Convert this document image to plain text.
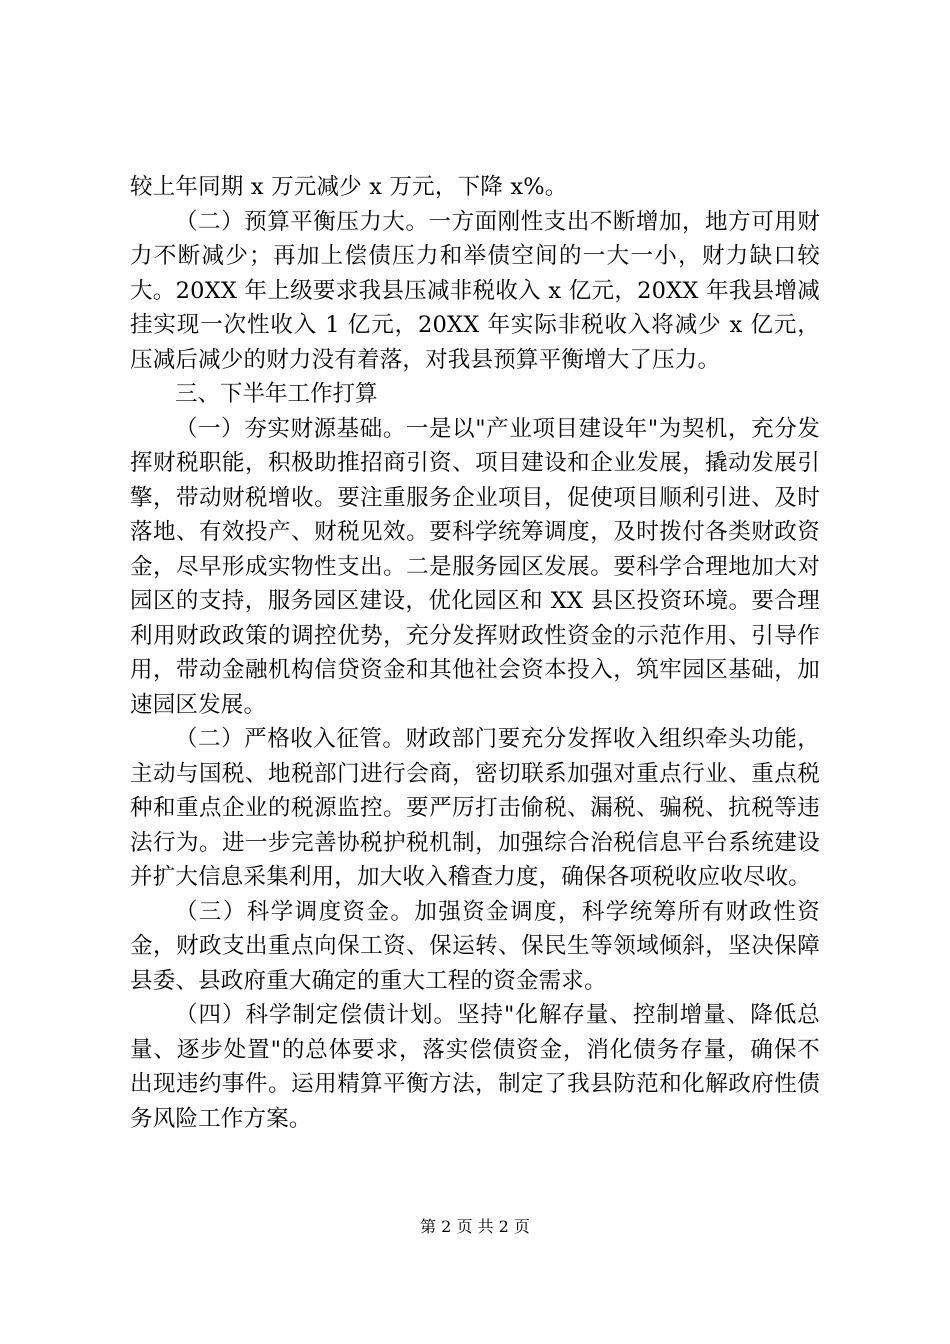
较上年同期 x 万元减少 x 万元，下降 x%。

（二）预算平衡压力大。一方面刚性支出不断增加，地方可用财力不断减少；再加上偿债压力和举债空间的一大一小，财力缺口较大。20XX 年上级要求我县压减非税收入 x 亿元，20XX 年我县增减挂实现一次性收入 1 亿元，20XX 年实际非税收入将减少 x 亿元，压减后减少的财力没有着落，对我县预算平衡增大了压力。

三、下半年工作打算

（一）夯实财源基础。一是以"产业项目建设年"为契机，充分发挥财税职能，积极助推招商引资、项目建设和企业发展，撬动发展引擎，带动财税增收。要注重服务企业项目，促使项目顺利引进、及时落地、有效投产、财税见效。要科学统筹调度，及时拨付各类财政资金，尽早形成实物性支出。二是服务园区发展。要科学合理地加大对园区的支持，服务园区建设，优化园区和 XX 县区投资环境。要合理利用财政政策的调控优势，充分发挥财政性资金的示范作用、引导作用，带动金融机构信贷资金和其他社会资本投入，筑牢园区基础，加速园区发展。

（二）严格收入征管。财政部门要充分发挥收入组织牵头功能，主动与国税、地税部门进行会商，密切联系加强对重点行业、重点税种和重点企业的税源监控。要严厉打击偷税、漏税、骗税、抗税等违法行为。进一步完善协税护税机制，加强综合治税信息平台系统建设并扩大信息采集利用，加大收入稽查力度，确保各项税收应收尽收。

（三）科学调度资金。加强资金调度，科学统筹所有财政性资金，财政支出重点向保工资、保运转、保民生等领域倾斜，坚决保障县委、县政府重大确定的重大工程的资金需求。

（四）科学制定偿债计划。坚持"化解存量、控制增量、降低总量、逐步处置"的总体要求，落实偿债资金，消化债务存量，确保不出现违约事件。运用精算平衡方法，制定了我县防范和化解政府性债务风险工作方案。

第 2 页 共 2 页
